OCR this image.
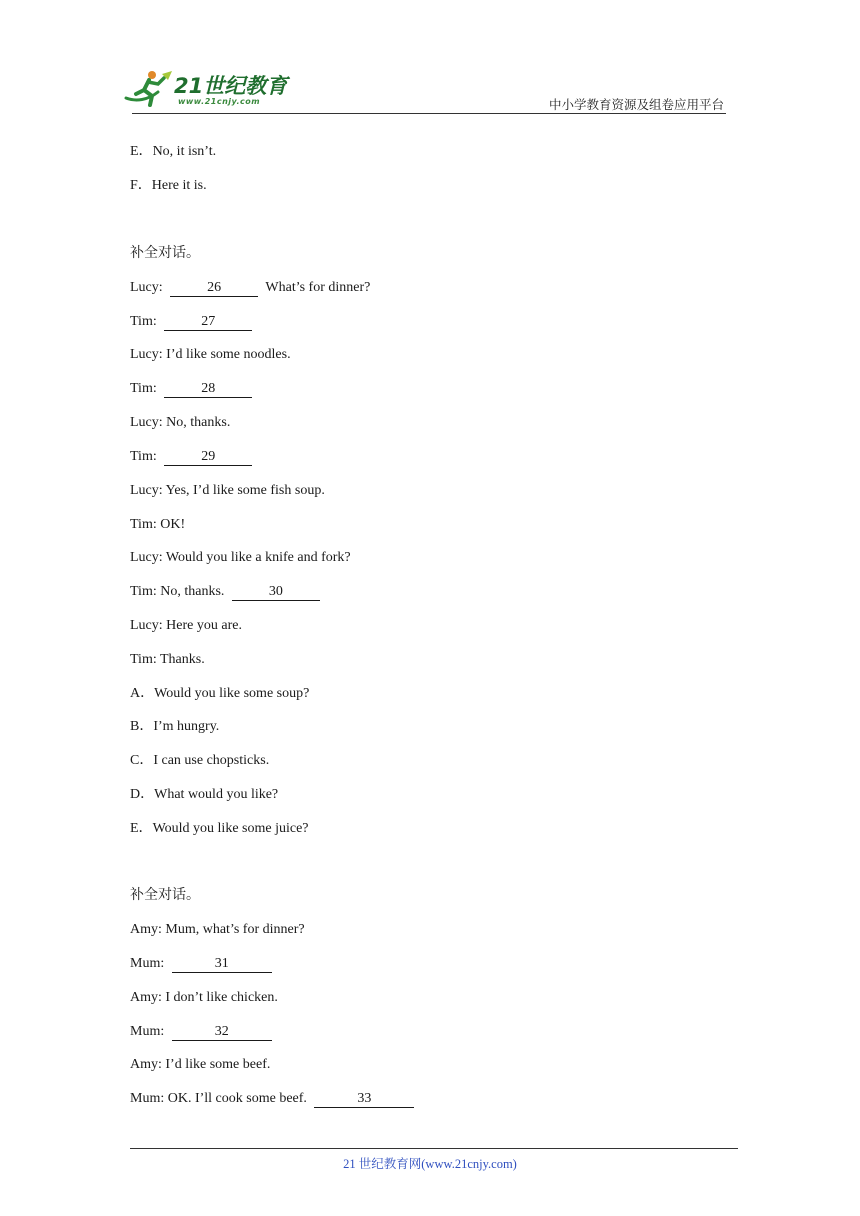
21世纪教育
www.21cnjy.com	中小学教育资源及组卷应用平台
E．No, it isn’t.
F．Here it is.
补全对话。
Lucy:	26	What’s for dinner?
Tim:	27
Lucy: I’d like some noodles.
Tim:	28
Lucy: No, thanks.
Tim:	29
Lucy: Yes, I’d like some fish soup.
Tim: OK!
Lucy: Would you like a knife and fork?
Tim: No, thanks.	30
Lucy: Here you are.
Tim: Thanks.
A．Would you like some soup?
B．I’m hungry.
C．I can use chopsticks.
D．What would you like?
E．Would you like some juice?
补全对话。
Amy: Mum, what’s for dinner?
Mum:	31
Amy: I don’t like chicken.
Mum:	32
Amy: I’d like some beef.
Mum: OK. I’ll cook some beef.	33
21 世纪教育网(www.21cnjy.com)
